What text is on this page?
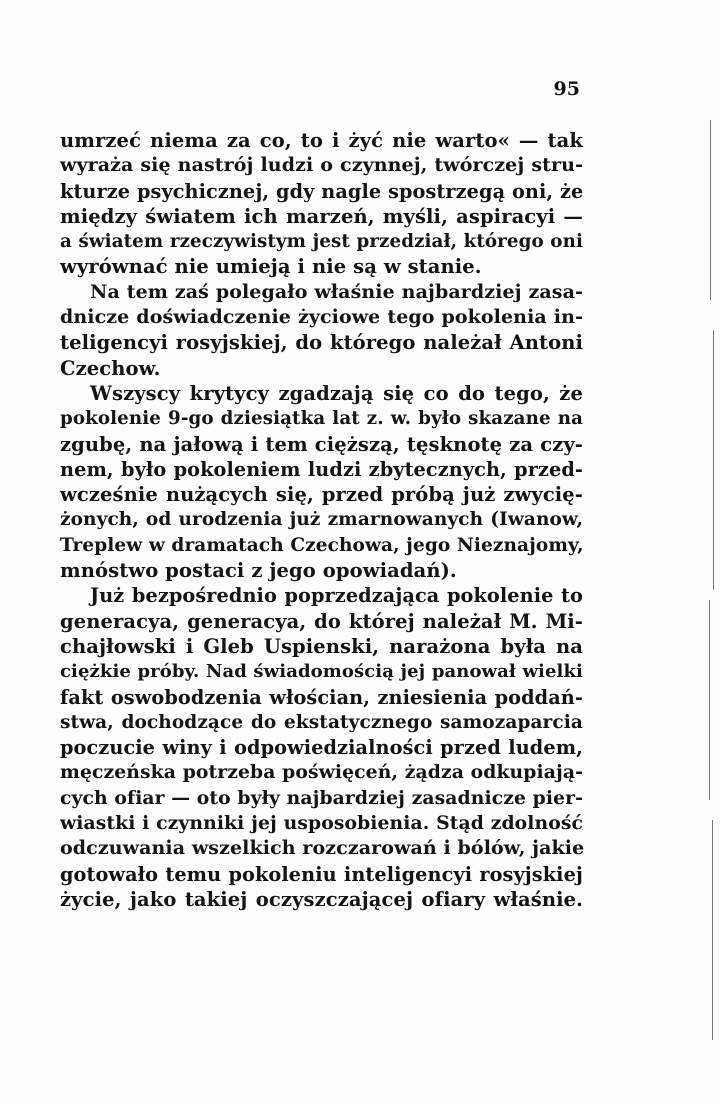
95
umrzeć niema za co, to i żyć nie warto« — tak
wyraża się nastrój ludzi o czynnej, twórczej stru-
kturze psychicznej, gdy nagle spostrzegą oni, że
między światem ich marzeń, myśli, aspiracyi —
a światem rzeczywistym jest przedział, którego oni
wyrównać nie umieją i nie są w stanie.
Na tem zaś polegało właśnie najbardziej zasa-
dnicze doświadczenie życiowe tego pokolenia in-
teligencyi rosyjskiej, do którego należał Antoni
Czechow.
Wszyscy krytycy zgadzają się co do tego, że
pokolenie 9-go dziesiątka lat z. w. było skazane na
zgubę, na jałową i tem cięższą, tęsknotę za czy-
nem, było pokoleniem ludzi zbytecznych, przed-
wcześnie nużących się, przed próbą już zwycię-
żonych, od urodzenia już zmarnowanych (Iwanow,
Treplew w dramatach Czechowa, jego Nieznajomy,
mnóstwo postaci z jego opowiadań).
Już bezpośrednio poprzedzająca pokolenie to
generacya, generacya, do której należał M. Mi-
chajłowski i Gleb Uspienski, narażona była na
ciężkie próby. Nad świadomością jej panował wielki
fakt oswobodzenia włościan, zniesienia poddań-
stwa, dochodzące do ekstatycznego samozaparcia
poczucie winy i odpowiedzialności przed ludem,
męczeńska potrzeba poświęceń, żądza odkupiają-
cych ofiar — oto były najbardziej zasadnicze pier-
wiastki i czynniki jej usposobienia. Stąd zdolność
odczuwania wszelkich rozczarowań i bólów, jakie
gotowało temu pokoleniu inteligencyi rosyjskiej
życie, jako takiej oczyszczającej ofiary właśnie.
